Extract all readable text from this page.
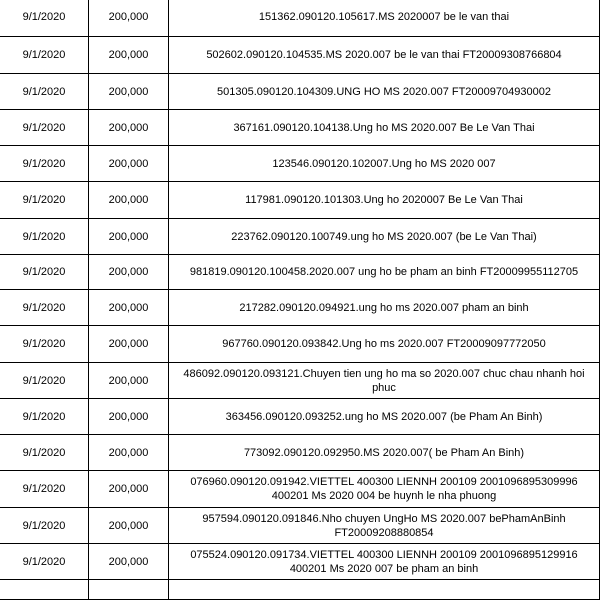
9/1/2020	200,000	151362.090120.105617.MS 2020007 be le van thai
9/1/2020	200,000	502602.090120.104535.MS 2020.007 be le van thai FT20009308766804
9/1/2020	200,000	501305.090120.104309.UNG HO MS 2020.007 FT20009704930002
9/1/2020	200,000	367161.090120.104138.Ung ho MS 2020.007 Be Le Van Thai
9/1/2020	200,000	123546.090120.102007.Ung ho MS 2020 007
9/1/2020	200,000	117981.090120.101303.Ung ho 2020007 Be Le Van Thai
9/1/2020	200,000	223762.090120.100749.ung ho MS 2020.007 (be Le Van Thai)
9/1/2020	200,000	981819.090120.100458.2020.007 ung ho be pham an binh FT20009955112705
9/1/2020	200,000	217282.090120.094921.ung ho ms 2020.007 pham an binh
9/1/2020	200,000	967760.090120.093842.Ung ho ms 2020.007 FT20009097772050
9/1/2020	200,000	486092.090120.093121.Chuyen tien ung ho ma so 2020.007 chuc chau nhanh hoi phuc
9/1/2020	200,000	363456.090120.093252.ung ho MS 2020.007 (be Pham An Binh)
9/1/2020	200,000	773092.090120.092950.MS 2020.007( be Pham An Binh)
9/1/2020	200,000	076960.090120.091942.VIETTEL 400300 LIENNH 200109 2001096895309996 400201 Ms 2020 004 be huynh le nha phuong
9/1/2020	200,000	957594.090120.091846.Nho chuyen UngHo MS 2020.007 bePhamAnBinh FT20009208880854
9/1/2020	200,000	075524.090120.091734.VIETTEL 400300 LIENNH 200109 2001096895129916 400201 Ms 2020 007 be pham an binh
